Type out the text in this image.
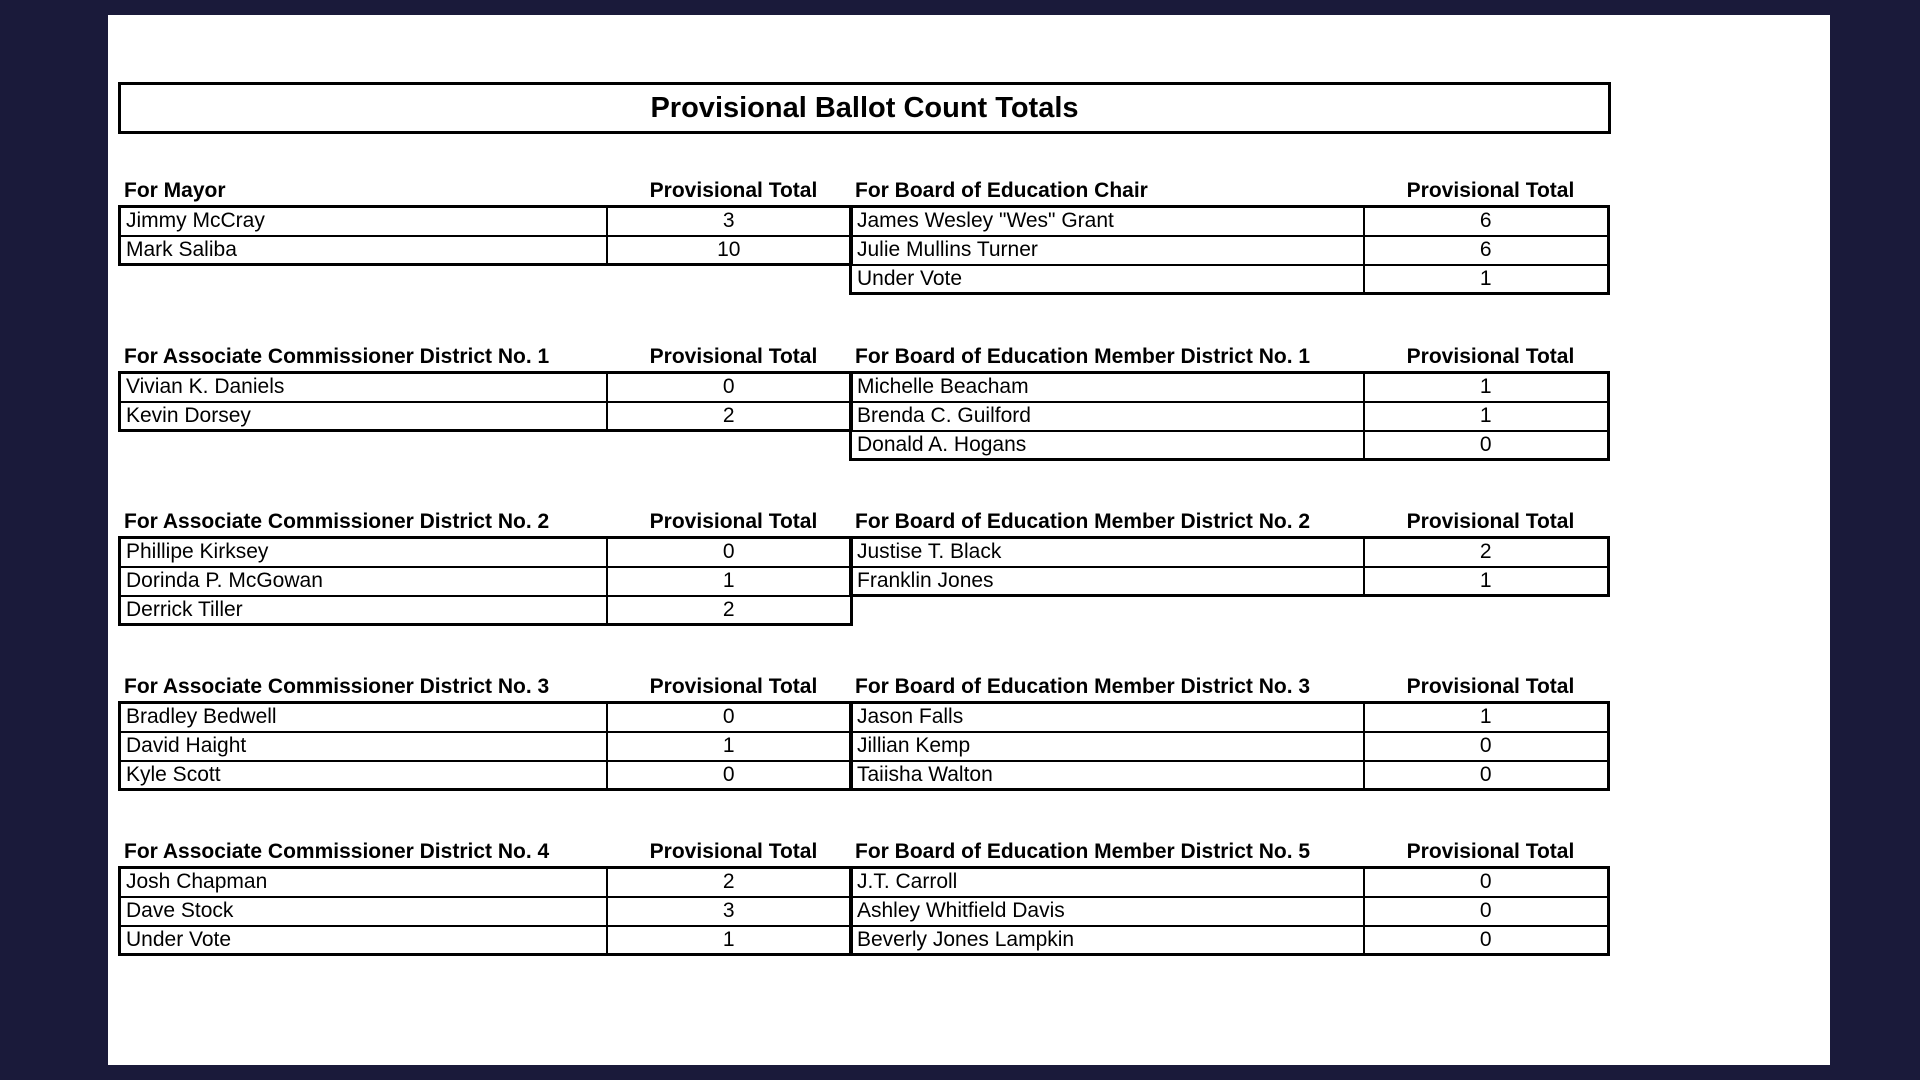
Provisional Ballot Count Totals
For Mayor	Provisional Total
Jimmy McCray	3
Mark Saliba	10
For Board of Education Chair	Provisional Total
James Wesley "Wes" Grant	6
Julie Mullins Turner	6
Under Vote	1
For Associate Commissioner District No. 1	Provisional Total
Vivian K. Daniels	0
Kevin Dorsey	2
For Board of Education Member District No. 1	Provisional Total
Michelle Beacham	1
Brenda C. Guilford	1
Donald A. Hogans	0
For Associate Commissioner District No. 2	Provisional Total
Phillipe Kirksey	0
Dorinda P. McGowan	1
Derrick Tiller	2
For Board of Education Member District No. 2	Provisional Total
Justise T. Black	2
Franklin Jones	1
For Associate Commissioner District No. 3	Provisional Total
Bradley Bedwell	0
David Haight	1
Kyle Scott	0
For Board of Education Member District No. 3	Provisional Total
Jason Falls	1
Jillian Kemp	0
Taiisha Walton	0
For Associate Commissioner District No. 4	Provisional Total
Josh Chapman	2
Dave Stock	3
Under Vote	1
For Board of Education Member District No. 5	Provisional Total
J.T. Carroll	0
Ashley Whitfield Davis	0
Beverly Jones Lampkin	0
